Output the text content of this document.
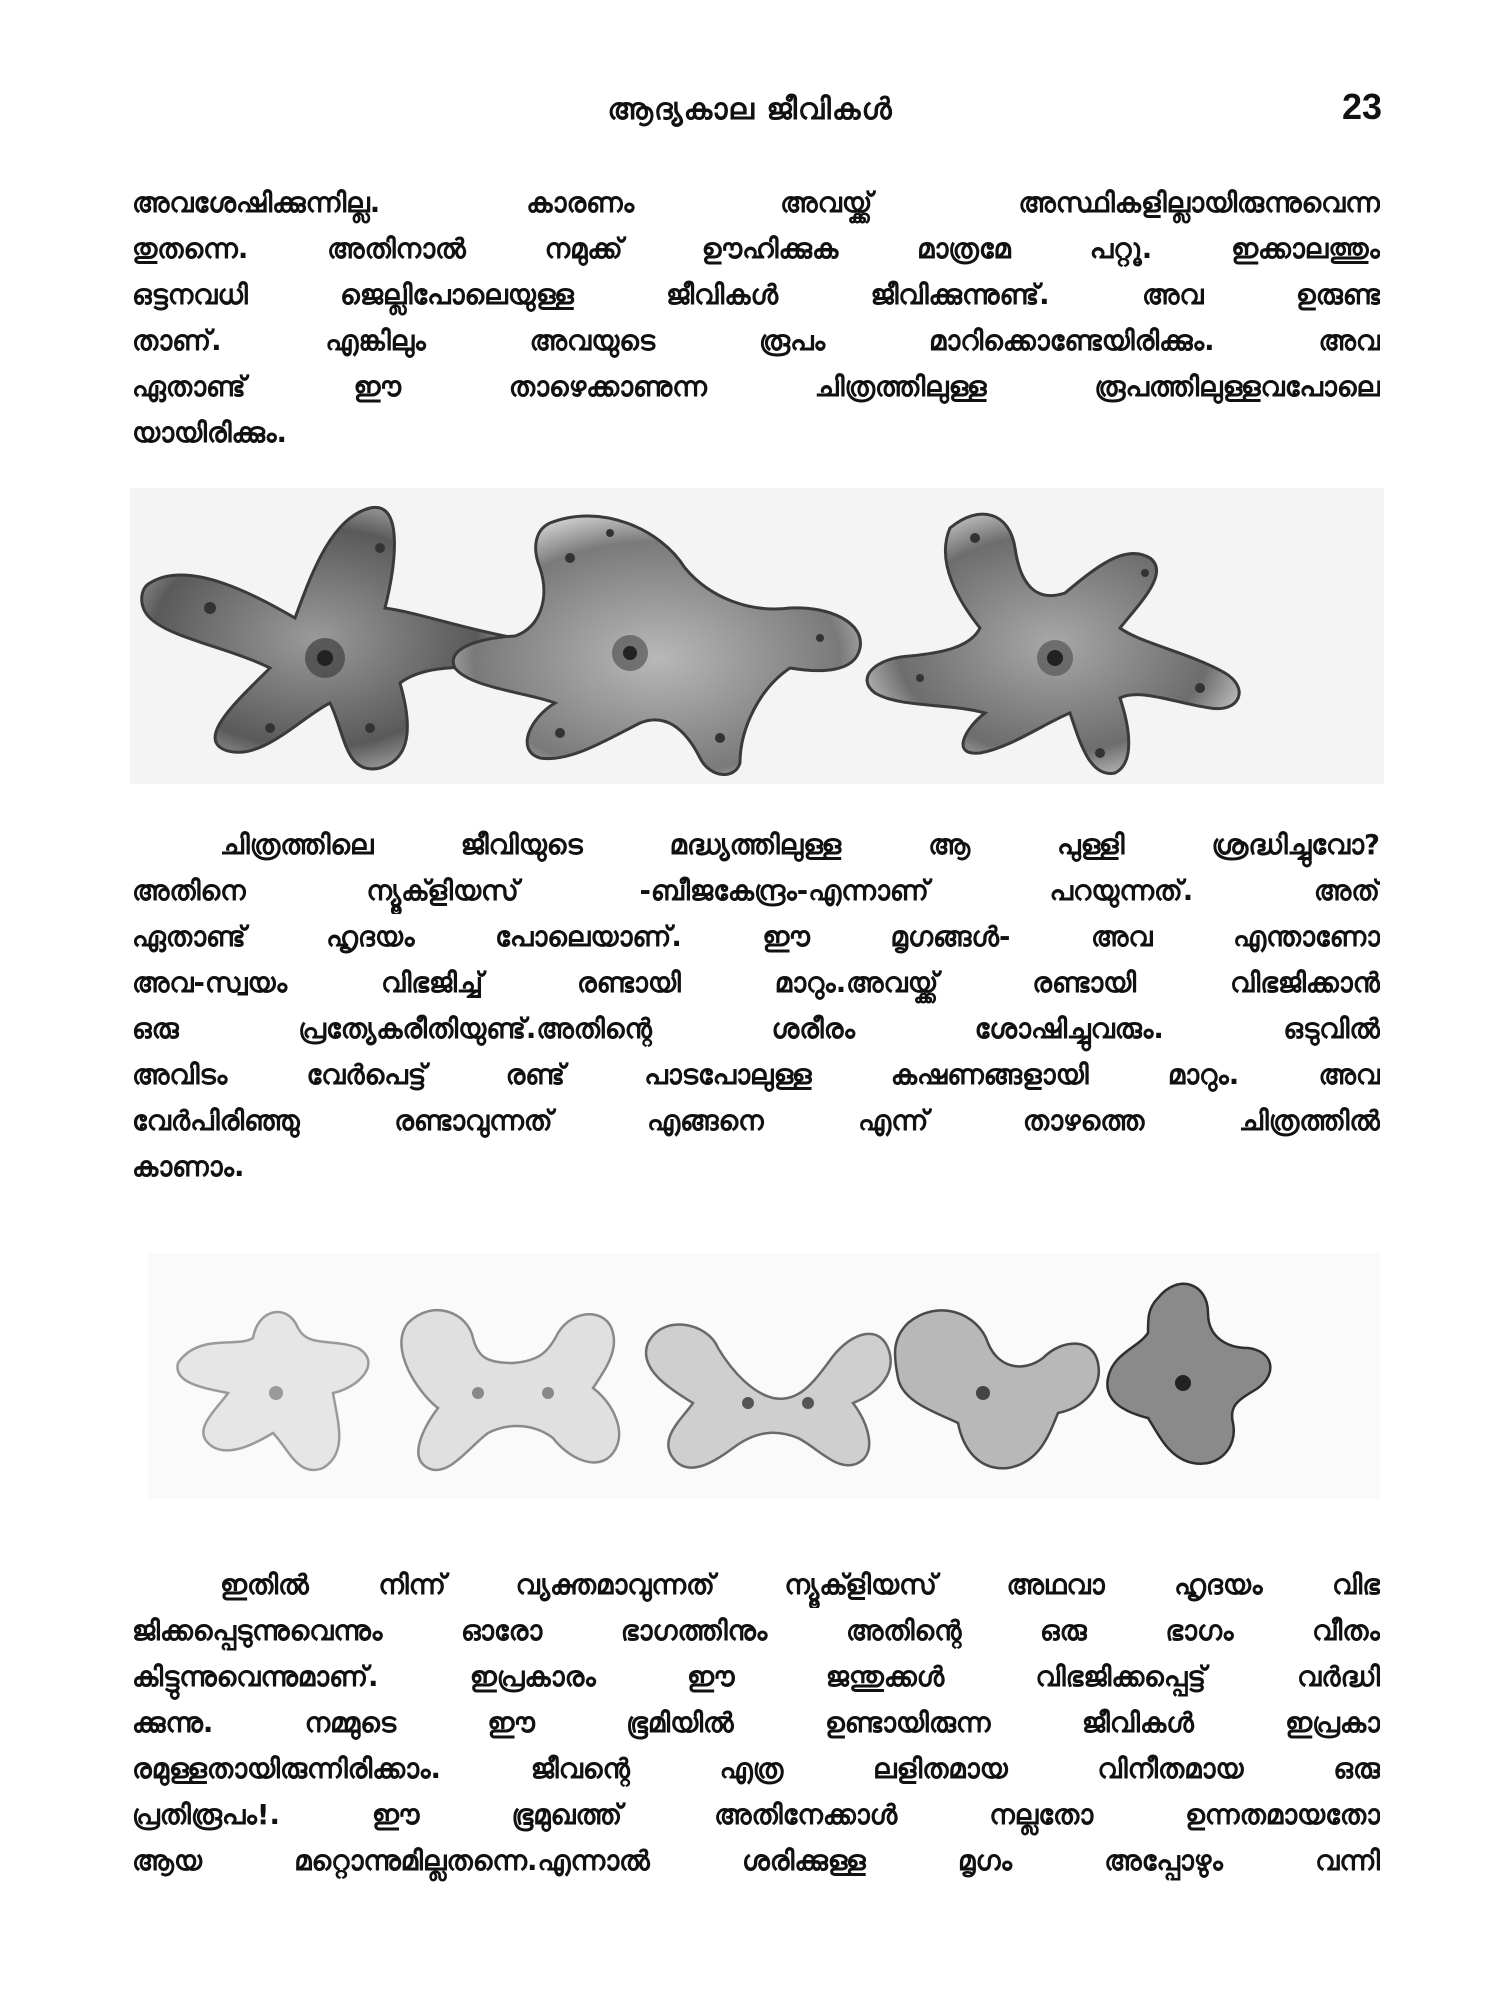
ആദ്യകാല ജീവികൾ	23
അവശേഷിക്കുന്നില്ല. കാരണം അവയ്ക്ക് അസ്ഥികളില്ലായിരുന്നുവെന്ന
തുതന്നെ. അതിനാൽ നമുക്ക് ഊഹിക്കുക മാത്രമേ പറ്റൂ. ഇക്കാലത്തും
ഒട്ടനവധി ജെല്ലിപോലെയുള്ള ജീവികൾ ജീവിക്കുന്നുണ്ട്. അവ ഉരുണ്ട
താണ്. എങ്കിലും അവയുടെ രൂപം മാറിക്കൊണ്ടേയിരിക്കും. അവ
ഏതാണ്ട് ഈ താഴെക്കാണുന്ന ചിത്രത്തിലുള്ള രൂപത്തിലുള്ളവപോലെ
യായിരിക്കും.
ചിത്രത്തിലെ ജീവിയുടെ മദ്ധ്യത്തിലുള്ള ആ പുള്ളി ശ്രദ്ധിച്ചുവോ?
അതിനെ ന്യൂക്ളിയസ് -ബീജകേന്ദ്രം-എന്നാണ് പറയുന്നത്. അത്
ഏതാണ്ട് ഹൃദയം പോലെയാണ്. ഈ മൃഗങ്ങൾ- അവ എന്താണോ
അവ-സ്വയം വിഭജിച്ച് രണ്ടായി മാറും.അവയ്ക്ക് രണ്ടായി വിഭജിക്കാൻ
ഒരു പ്രത്യേകരീതിയുണ്ട്.അതിന്റെ ശരീരം ശോഷിച്ചുവരും. ഒടുവിൽ
അവിടം വേർപെട്ട് രണ്ട് പാടപോലുള്ള കഷണങ്ങളായി മാറും. അവ
വേർപിരിഞ്ഞു രണ്ടാവുന്നത് എങ്ങനെ എന്ന് താഴത്തെ ചിത്രത്തിൽ
കാണാം.
ഇതിൽ നിന്ന് വ്യക്തമാവുന്നത് ന്യൂക്ളിയസ് അഥവാ ഹൃദയം വിഭ
ജിക്കപ്പെടുന്നുവെന്നും ഓരോ ഭാഗത്തിനും അതിന്റെ ഒരു ഭാഗം വീതം
കിട്ടുന്നുവെന്നുമാണ്. ഇപ്രകാരം ഈ ജന്തുക്കൾ വിഭജിക്കപ്പെട്ട് വർദ്ധി
ക്കുന്നു. നമ്മുടെ ഈ ഭൂമിയിൽ ഉണ്ടായിരുന്ന ജീവികൾ ഇപ്രകാ
രമുള്ളതായിരുന്നിരിക്കാം. ജീവന്റെ എത്ര ലളിതമായ വിനീതമായ ഒരു
പ്രതിരൂപം!. ഈ ഭൂമുഖത്ത് അതിനേക്കാൾ നല്ലതോ ഉന്നതമായതോ
ആയ മറ്റൊന്നുമില്ലതന്നെ.എന്നാൽ ശരിക്കുള്ള മൃഗം അപ്പോഴും വന്നി
